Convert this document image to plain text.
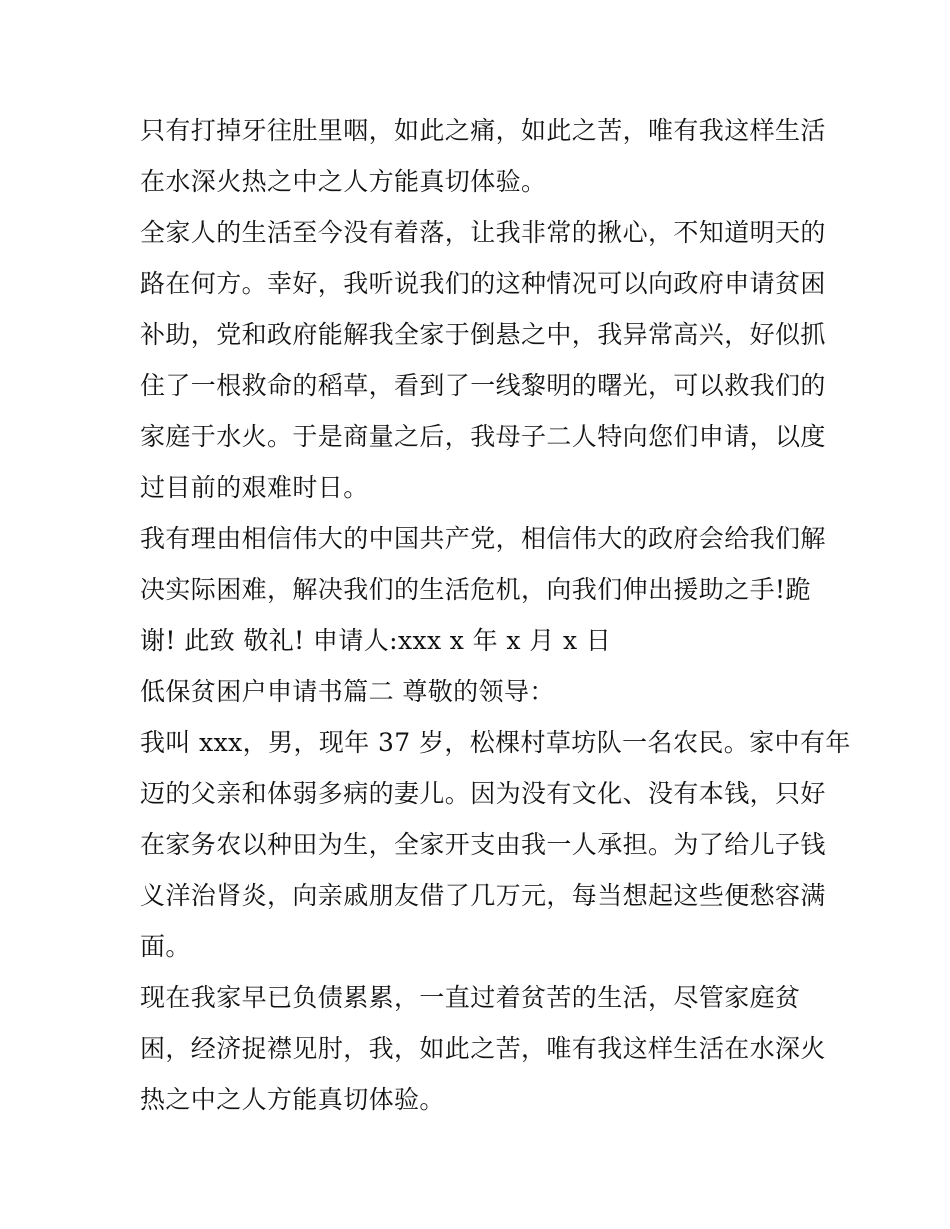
只有打掉牙往肚里咽，如此之痛，如此之苦，唯有我这样生活
在水深火热之中之人方能真切体验。
全家人的生活至今没有着落，让我非常的揪心，不知道明天的
路在何方。幸好，我听说我们的这种情况可以向政府申请贫困
补助，党和政府能解我全家于倒悬之中，我异常高兴，好似抓
住了一根救命的稻草，看到了一线黎明的曙光，可以救我们的
家庭于水火。于是商量之后，我母子二人特向您们申请，以度
过目前的艰难时日。
我有理由相信伟大的中国共产党，相信伟大的政府会给我们解
决实际困难，解决我们的生活危机，向我们伸出援助之手!跪
谢! 此致 敬礼! 申请人:xxx x 年 x 月 x 日
低保贫困户申请书篇二 尊敬的领导：
我叫 xxx，男，现年 37 岁，松棵村草坊队一名农民。家中有年
迈的父亲和体弱多病的妻儿。因为没有文化、没有本钱，只好
在家务农以种田为生，全家开支由我一人承担。为了给儿子钱
义洋治肾炎，向亲戚朋友借了几万元，每当想起这些便愁容满
面。
现在我家早已负债累累，一直过着贫苦的生活，尽管家庭贫
困，经济捉襟见肘，我，如此之苦，唯有我这样生活在水深火
热之中之人方能真切体验。
